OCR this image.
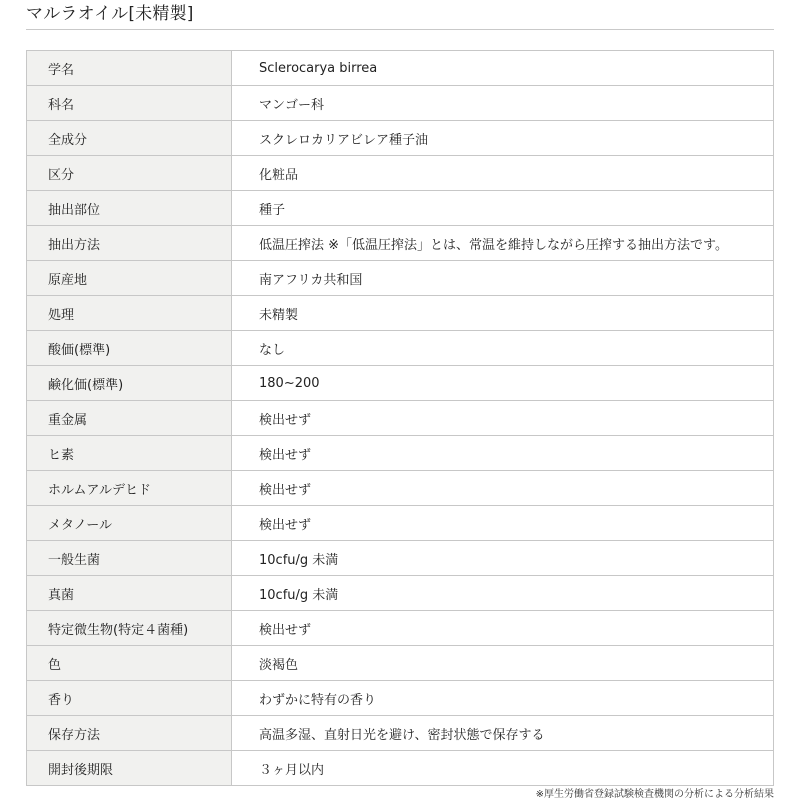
マルラオイル[未精製]
学名	Sclerocarya birrea
科名	マンゴー科
全成分	スクレロカリアビレア種子油
区分	化粧品
抽出部位	種子
抽出方法	低温圧搾法 ※「低温圧搾法」とは、常温を維持しながら圧搾する抽出方法です。
原産地	南アフリカ共和国
処理	未精製
酸価(標準)	なし
鹸化価(標準)	180~200
重金属	検出せず
ヒ素	検出せず
ホルムアルデヒド	検出せず
メタノール	検出せず
一般生菌	10cfu/g 未満
真菌	10cfu/g 未満
特定微生物(特定４菌種)	検出せず
色	淡褐色
香り	わずかに特有の香り
保存方法	高温多湿、直射日光を避け、密封状態で保存する
開封後期限	３ヶ月以内
※厚生労働省登録試験検査機関の分析による分析結果
